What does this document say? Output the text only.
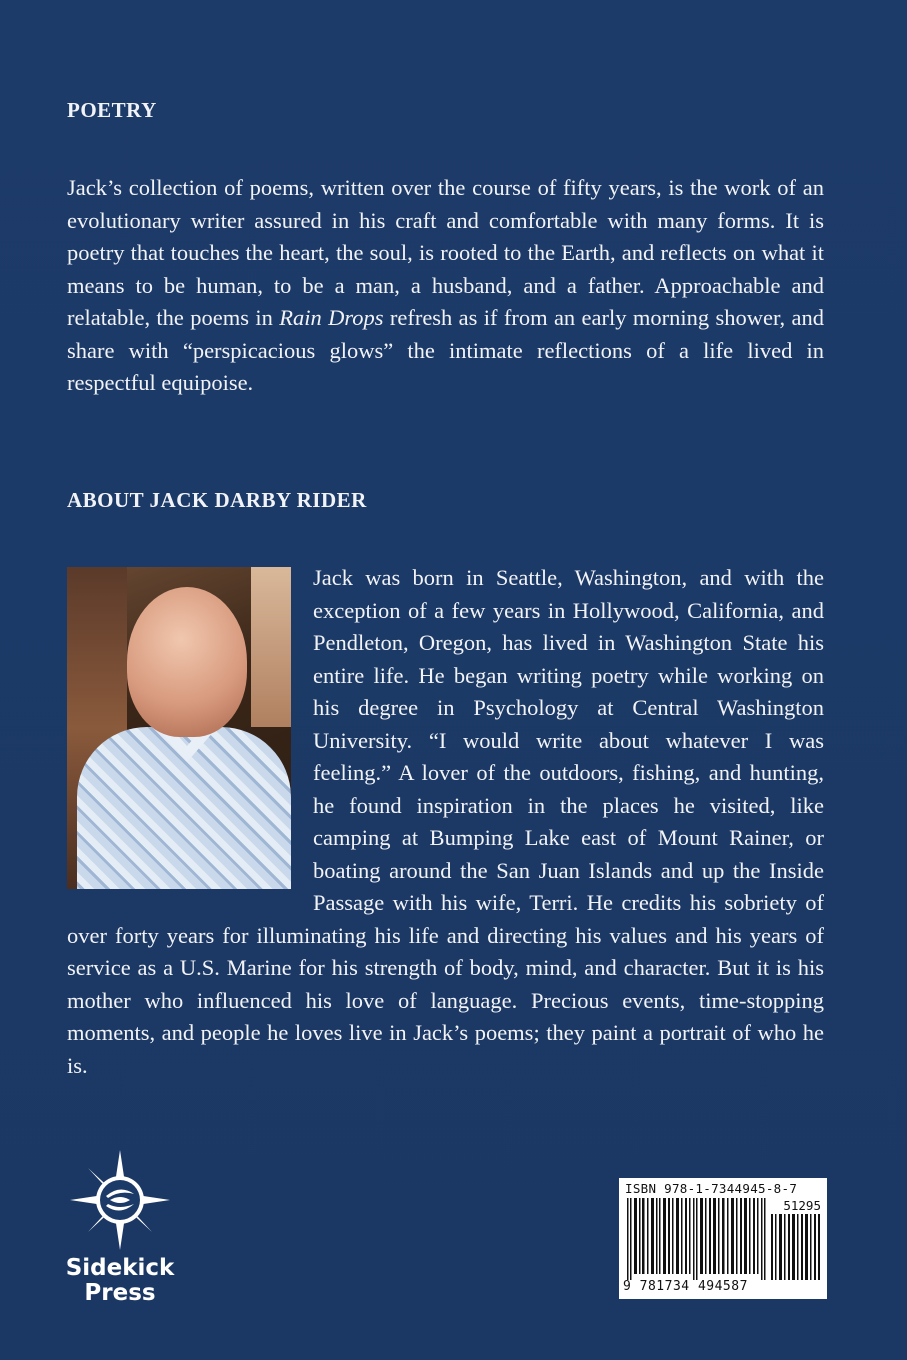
POETRY

Jack’s collection of poems, written over the course of fifty years, is the work of an evolutionary writer assured in his craft and comfortable with many forms. It is poetry that touches the heart, the soul, is rooted to the Earth, and reflects on what it means to be human, to be a man, a husband, and a father. Approachable and relatable, the poems in Rain Drops refresh as if from an early morning shower, and share with “perspicacious glows” the intimate reflections of a life lived in respectful equipoise.

ABOUT JACK DARBY RIDER
Jack was born in Seattle, Washington, and with the exception of a few years in Hollywood, California, and Pendleton, Oregon, has lived in Washington State his entire life. He began writing poetry while working on his degree in Psychology at Central Washington University. “I would write about whatever I was feeling.” A lover of the outdoors, fishing, and hunting, he found inspiration in the places he visited, like camping at Bumping Lake east of Mount Rainer, or boating around the San Juan Islands and up the Inside Passage with his wife, Terri. He credits his sobriety of over forty years for illuminating his life and directing his values and his years of service as a U.S. Marine for his strength of body, mind, and character. But it is his mother who influenced his love of language. Precious events, time-stopping moments, and people he loves live in Jack’s poems; they paint a portrait of who he is.
Sidekick
Press
ISBN 978-1-7344945-8-7
51295
9 781734 494587
